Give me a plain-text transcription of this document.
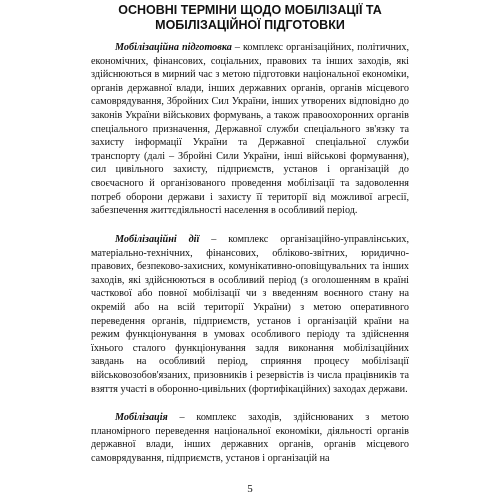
ОСНОВНІ ТЕРМІНИ ЩОДО МОБІЛІЗАЦІЇ ТА
МОБІЛІЗАЦІЙНОЇ ПІДГОТОВКИ

Мобілізаційна підготовка – комплекс організаційних, політичних, економічних, фінансових, соціальних, правових та інших заходів, які здійснюються в мирний час з метою підготовки національної економіки, органів державної влади, інших державних органів, органів місцевого самоврядування, Збройних Сил України, інших утворених відповідно до законів України військових формувань, а також правоохоронних органів спеціального призначення, Державної служби спеціального зв'язку та захисту інформації України та Державної спеціальної служби транспорту (далі – Збройні Сили України, інші військові формування), сил цивільного захисту, підприємств, установ і організацій до своєчасного й організованого проведення мобілізації та задоволення потреб оборони держави і захисту її території від можливої агресії, забезпечення життєдіяльності населення в особливий період.

Мобілізаційні дії – комплекс організаційно-управлінських, матеріально-технічних, фінансових, обліково-звітних, юридично-правових, безпеково-захисних, комунікативно-оповіщувальних та інших заходів, які здійснюються в особливий період (з оголошенням в країні часткової або повної мобілізації чи з введенням воєнного стану на окремій або на всій території України) з метою оперативного переведення органів, підприємств, установ і організацій країни на режим функціонування в умовах особливого періоду та здійснення їхнього сталого функціонування задля виконання мобілізаційних завдань на особливий період, сприяння процесу мобілізації військовозобов'язаних, призовників і резервістів із числа працівників та взяття участі в оборонно-цивільних (фортифікаційних) заходах держави.

Мобілізація – комплекс заходів, здійснюваних з метою планомірного переведення національної економіки, діяльності органів державної влади, інших державних органів, органів місцевого самоврядування, підприємств, установ і організацій на

5
